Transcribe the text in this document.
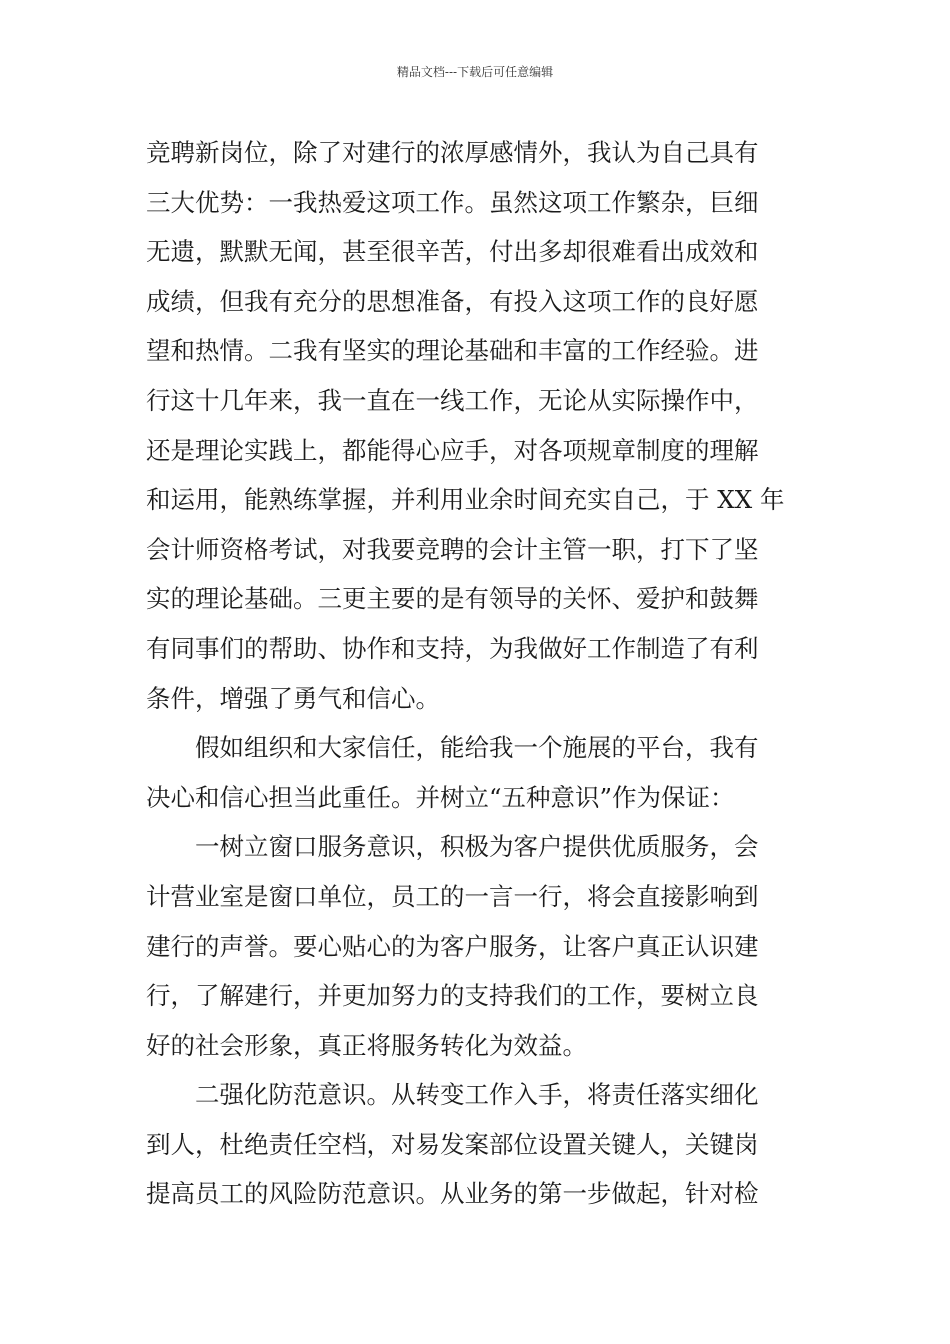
精品文档---下载后可任意编辑
竞聘新岗位，除了对建行的浓厚感情外，我认为自己具有
三大优势：一我热爱这项工作。虽然这项工作繁杂，巨细
无遗，默默无闻，甚至很辛苦，付出多却很难看出成效和
成绩，但我有充分的思想准备，有投入这项工作的良好愿
望和热情。二我有坚实的理论基础和丰富的工作经验。进
行这十几年来，我一直在一线工作，无论从实际操作中，
还是理论实践上，都能得心应手，对各项规章制度的理解
和运用，能熟练掌握，并利用业余时间充实自己，于 XX 年
会计师资格考试，对我要竞聘的会计主管一职，打下了坚
实的理论基础。三更主要的是有领导的关怀、爱护和鼓舞
有同事们的帮助、协作和支持，为我做好工作制造了有利
条件，增强了勇气和信心。
假如组织和大家信任，能给我一个施展的平台，我有
决心和信心担当此重任。并树立“五种意识”作为保证：
一树立窗口服务意识，积极为客户提供优质服务，会
计营业室是窗口单位，员工的一言一行，将会直接影响到
建行的声誉。要心贴心的为客户服务，让客户真正认识建
行，了解建行，并更加努力的支持我们的工作，要树立良
好的社会形象，真正将服务转化为效益。
二强化防范意识。从转变工作入手，将责任落实细化
到人，杜绝责任空档，对易发案部位设置关键人，关键岗
提高员工的风险防范意识。从业务的第一步做起，针对检
